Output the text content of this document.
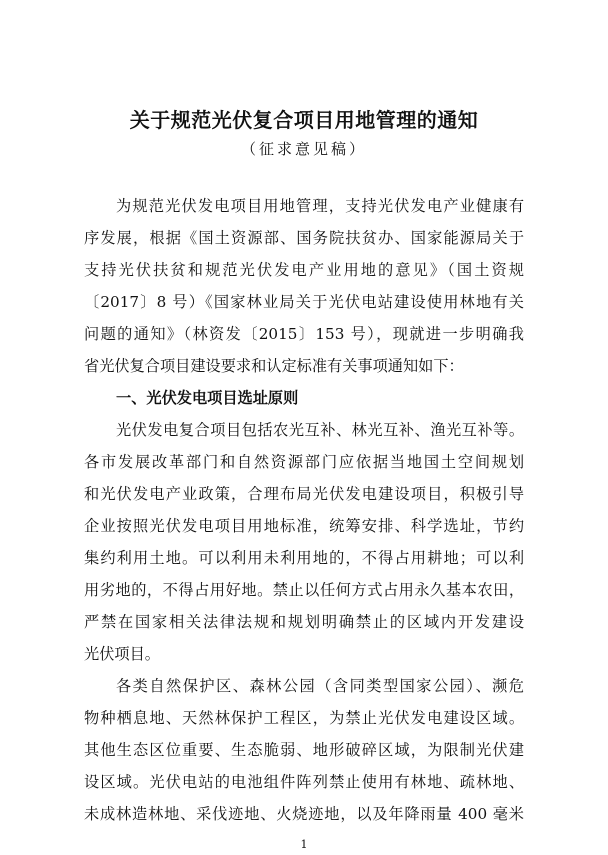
关于规范光伏复合项目用地管理的通知
（征求意见稿）
为规范光伏发电项目用地管理，支持光伏发电产业健康有
序发展，根据《国土资源部、国务院扶贫办、国家能源局关于
支持光伏扶贫和规范光伏发电产业用地的意见》（国土资规
〔2017〕8 号）《国家林业局关于光伏电站建设使用林地有关
问题的通知》（林资发〔2015〕153 号），现就进一步明确我
省光伏复合项目建设要求和认定标准有关事项通知如下：
一、光伏发电项目选址原则
光伏发电复合项目包括农光互补、林光互补、渔光互补等。
各市发展改革部门和自然资源部门应依据当地国土空间规划
和光伏发电产业政策，合理布局光伏发电建设项目，积极引导
企业按照光伏发电项目用地标准，统筹安排、科学选址，节约
集约利用土地。可以利用未利用地的，不得占用耕地；可以利
用劣地的，不得占用好地。禁止以任何方式占用永久基本农田，
严禁在国家相关法律法规和规划明确禁止的区域内开发建设
光伏项目。
各类自然保护区、森林公园（含同类型国家公园）、濒危
物种栖息地、天然林保护工程区，为禁止光伏发电建设区域。
其他生态区位重要、生态脆弱、地形破碎区域，为限制光伏建
设区域。光伏电站的电池组件阵列禁止使用有林地、疏林地、
未成林造林地、采伐迹地、火烧迹地，以及年降雨量 400 毫米
1
